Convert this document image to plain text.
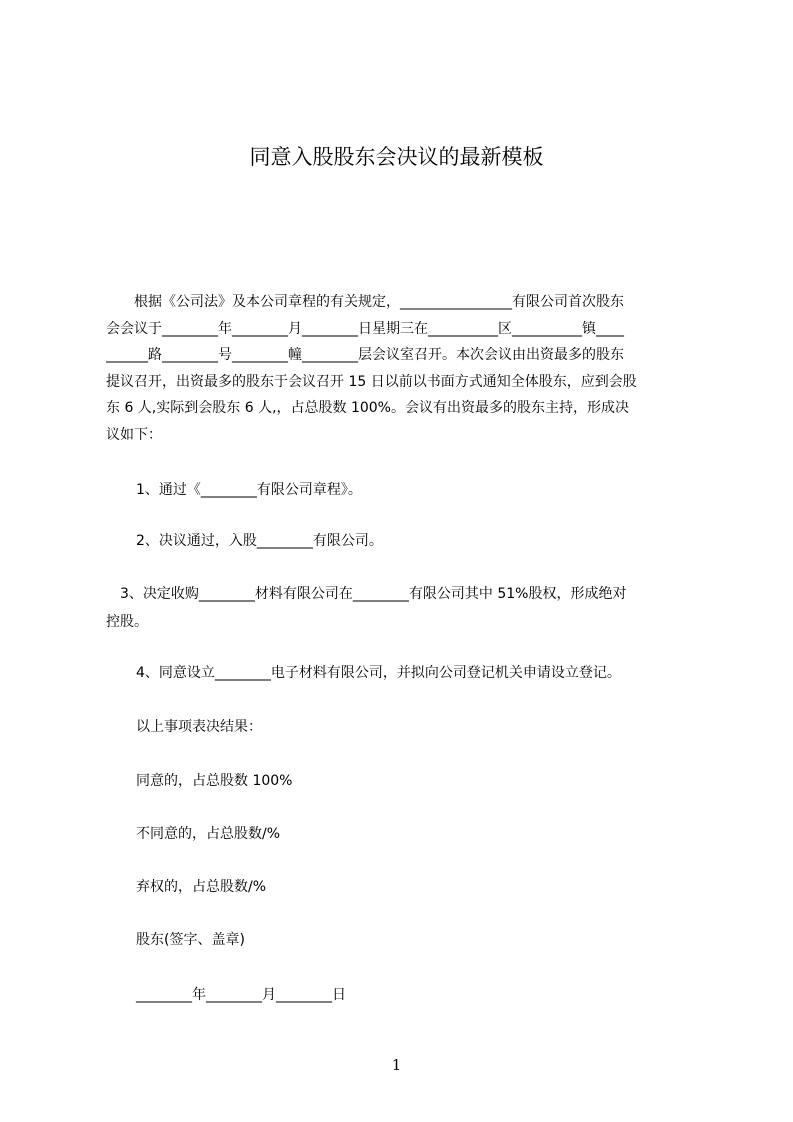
同意入股股东会决议的最新模板
　　根据《公司法》及本公司章程的有关规定，________________有限公司首次股东
会会议于________年________月________日星期三在__________区__________镇____
______路________号________幢________层会议室召开。本次会议由出资最多的股东
提议召开，出资最多的股东于会议召开 15 日以前以书面方式通知全体股东，应到会股
东 6 人,实际到会股东 6 人,，占总股数 100%。会议有出资最多的股东主持，形成决
议如下：

1、通过《________有限公司章程》。

2、决议通过，入股________有限公司。

　3、决定收购________材料有限公司在________有限公司其中 51%股权，形成绝对
控股。

4、同意设立________电子材料有限公司，并拟向公司登记机关申请设立登记。

以上事项表决结果：

同意的，占总股数 100%

不同意的，占总股数/%

弃权的，占总股数/%

股东(签字、盖章)

________年________月________日

1
